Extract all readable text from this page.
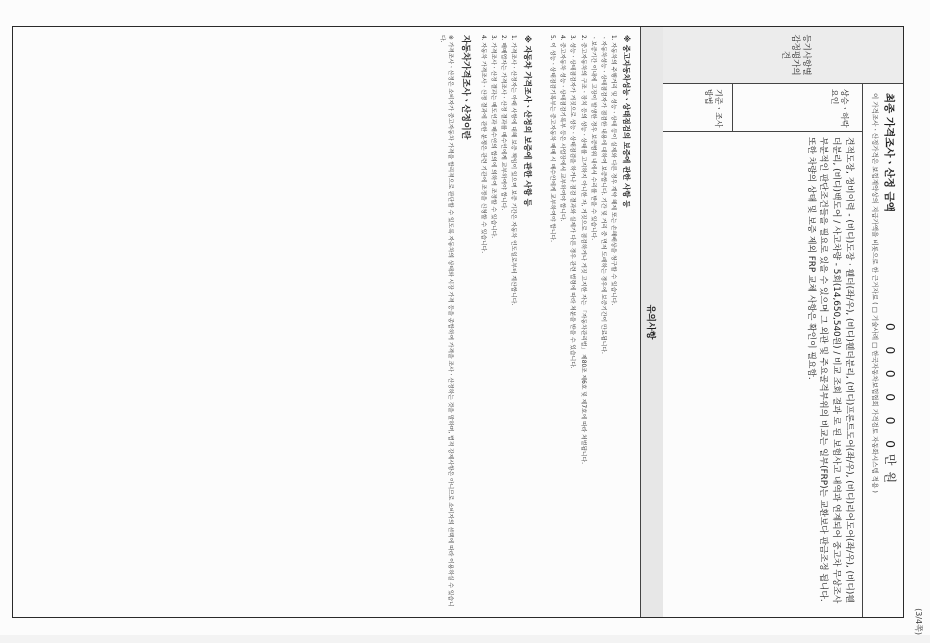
(3/4쪽)
등기사항별 감정평가의견
최종 가격조사ㆍ산정 금액
0 0 0 0 0 0만원
이 가격조사ㆍ산정가격은 보험계약상의 지급가액을 비롯으로 한 근거자료 ( □ 기술사례 □ 한국자동차보험협회 가격검토 자동화시스템 적용 )
상승ㆍ하락요인
기준ㆍ조사방법
견적도장, 정비이력 - (비디)도장 · 휀더(좌/우), (비디)휀더분리, (비디)프론트도어(좌/우), (비디)리어도어(좌/우), (비디)휀더분리, (비디)백도어 / 사고차량 - 5회(14,650,540원) / 비교 조회 결과 로 된 보험사고 내역과 연계되어 중고차 무상조사 부분적인 판단조건들을 필요로 있을 수 있으며 그 외관 및 주요골격부위의 비교는 일부(FRP)는 교환보다 판금조정 됩니다. 또한 차량의 상태 및 보증 제외 FRP 교체 사항은 확인이 필요함.
유의사항
※ 중고자동차성능ㆍ상태점검의 보증에 관한 사항 등

1. 자동차의 주행거리 및 성능ㆍ상태 등이 실제와 다른 경우 계약 해제 또는 손해배상을 청구할 수 있습니다.

ㆍ자동차성능ㆍ상태점검자가 점검한 내용에 대하여 보증합니다. 기간 및 거리 중 먼저 도래하는 경우에 보증기간이 만료됩니다.

ㆍ보증기간 이내에 고장이 발생한 경우 보증범위 내에서 수리를 받을 수 있습니다.

2. 중고자동차의 구조ㆍ장치 등의 성능ㆍ상태를 고지하지 아니한 자, 거짓으로 점검하거나 거짓 고지한 자는 「자동차관리법」 제80조 제6호 및 제7호에 따라 처벌됩니다.

3. 성능ㆍ상태점검자가 거짓으로 성능ㆍ상태점검을 하거나 점검 결과와 실제가 다른 경우 관련 법령에 따라 처분을 받을 수 있습니다.

4. 중고자동차 성능ㆍ상태점검기록부 등은 사업장에서 교부하여야 합니다.

5. 이 성능ㆍ상태점검기록부는 중고자동차 매매 시 매수인에게 교부하여야 합니다.

※ 자동차 가격조사ㆍ산정의 보증에 관한 사항 등

1. 가격조사ㆍ산정자는 아래 사항에 대해 보증 책임이 있으며 보증 기간은 자동차 인도일로부터 계산합니다.

2. 매매업자는 가격조사ㆍ산정 결과를 매수인에게 교부하여야 합니다.

3. 가격조사ㆍ산정 결과는 매도인과 매수인의 합의에 의하여 조정할 수 있습니다.

4. 자동차 가격조사ㆍ산정 결과에 관한 분쟁은 관련 기관에 조정을 신청할 수 있습니다.

자동차가격조사ㆍ산정이란

※ 가격조사ㆍ산정은 소비자가 중고자동차 가격을 합리적으로 판단할 수 있도록 자동차의 상태와 시장 가격 등을 종합하여 가격을 조사ㆍ산정하는 것을 말하며, 법적 강제사항은 아니므로 소비자의 선택에 따라 이용하실 수 있습니다.
